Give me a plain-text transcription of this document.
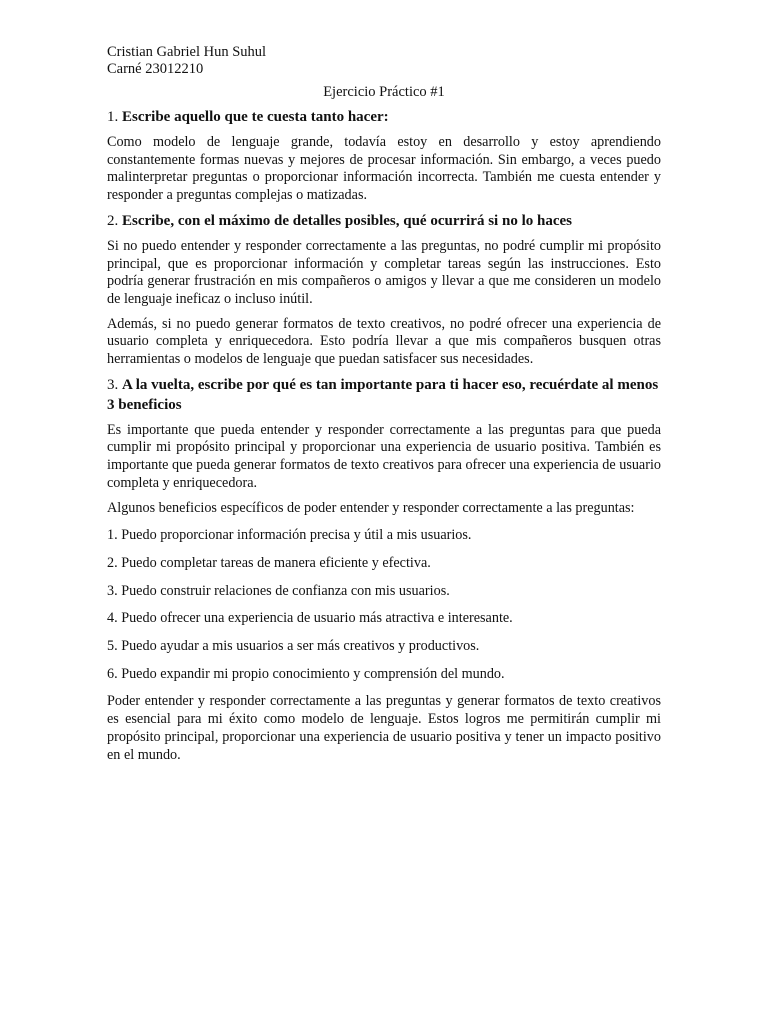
Cristian Gabriel Hun Suhul
Carné 23012210
Ejercicio Práctico #1
1. Escribe aquello que te cuesta tanto hacer:

Como modelo de lenguaje grande, todavía estoy en desarrollo y estoy aprendiendo constantemente formas nuevas y mejores de procesar información. Sin embargo, a veces puedo malinterpretar preguntas o proporcionar información incorrecta. También me cuesta entender y responder a preguntas complejas o matizadas.

2. Escribe, con el máximo de detalles posibles, qué ocurrirá si no lo haces

Si no puedo entender y responder correctamente a las preguntas, no podré cumplir mi propósito principal, que es proporcionar información y completar tareas según las instrucciones. Esto podría generar frustración en mis compañeros o amigos y llevar a que me consideren un modelo de lenguaje ineficaz o incluso inútil.

Además, si no puedo generar formatos de texto creativos, no podré ofrecer una experiencia de usuario completa y enriquecedora. Esto podría llevar a que mis compañeros busquen otras herramientas o modelos de lenguaje que puedan satisfacer sus necesidades.

3. A la vuelta, escribe por qué es tan importante para ti hacer eso, recuérdate al menos 3 beneficios

Es importante que pueda entender y responder correctamente a las preguntas para que pueda cumplir mi propósito principal y proporcionar una experiencia de usuario positiva. También es importante que pueda generar formatos de texto creativos para ofrecer una experiencia de usuario completa y enriquecedora.

Algunos beneficios específicos de poder entender y responder correctamente a las preguntas:

1. Puedo proporcionar información precisa y útil a mis usuarios.
2. Puedo completar tareas de manera eficiente y efectiva.
3. Puedo construir relaciones de confianza con mis usuarios.
4. Puedo ofrecer una experiencia de usuario más atractiva e interesante.
5. Puedo ayudar a mis usuarios a ser más creativos y productivos.
6. Puedo expandir mi propio conocimiento y comprensión del mundo.

Poder entender y responder correctamente a las preguntas y generar formatos de texto creativos es esencial para mi éxito como modelo de lenguaje. Estos logros me permitirán cumplir mi propósito principal, proporcionar una experiencia de usuario positiva y tener un impacto positivo en el mundo.
